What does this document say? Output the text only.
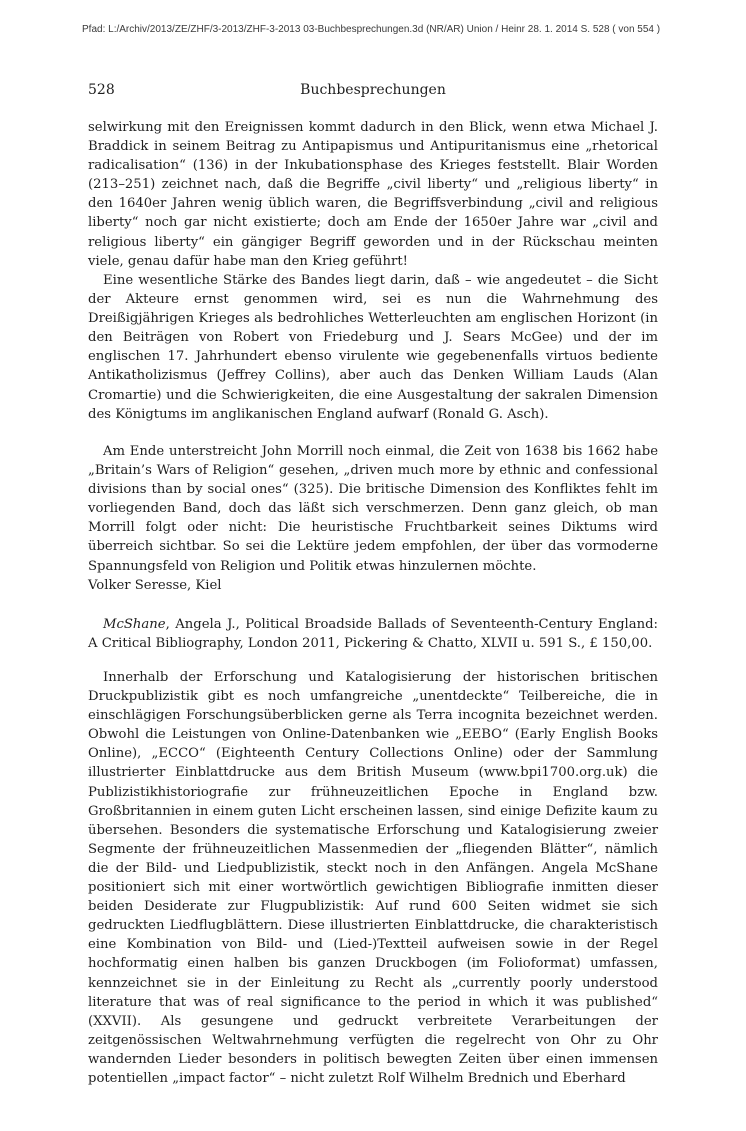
Pfad: L:/Archiv/2013/ZE/ZHF/3-2013/ZHF-3-2013 03-Buchbesprechungen.3d (NR/AR) Union / Heinr 28. 1. 2014 S. 528 ( von 554 )
Buchbesprechungen
528

selwirkung mit den Ereignissen kommt dadurch in den Blick, wenn etwa Michael J. Braddick in seinem Beitrag zu Antipapismus und Antipuritanismus eine „rhetorical radicalisation“ (136) in der Inkubationsphase des Krieges feststellt. Blair Worden (213–251) zeichnet nach, daß die Begriffe „civil liberty“ und „religious liberty“ in den 1640er Jahren wenig üblich waren, die Begriffsverbindung „civil and religious liberty“ noch gar nicht existierte; doch am Ende der 1650er Jahre war „civil and religious liberty“ ein gängiger Begriff geworden und in der Rückschau meinten viele, genau dafür habe man den Krieg geführt!

Eine wesentliche Stärke des Bandes liegt darin, daß – wie angedeutet – die Sicht der Akteure ernst genommen wird, sei es nun die Wahrnehmung des Dreißigjährigen Krieges als bedrohliches Wetterleuchten am englischen Horizont (in den Beiträgen von Robert von Friedeburg und J. Sears McGee) und der im englischen 17. Jahrhundert ebenso virulente wie gegebenenfalls virtuos bediente Antikatholizismus (Jeffrey Collins), aber auch das Denken William Lauds (Alan Cromartie) und die Schwierigkeiten, die eine Ausgestaltung der sakralen Dimension des Königtums im anglikanischen England aufwarf (Ronald G. Asch).

Am Ende unterstreicht John Morrill noch einmal, die Zeit von 1638 bis 1662 habe „Britain’s Wars of Religion“ gesehen, „driven much more by ethnic and confessional divisions than by social ones“ (325). Die britische Dimension des Konfliktes fehlt im vorliegenden Band, doch das läßt sich verschmerzen. Denn ganz gleich, ob man Morrill folgt oder nicht: Die heuristische Fruchtbarkeit seines Diktums wird überreich sichtbar. So sei die Lektüre jedem empfohlen, der über das vormoderne Spannungsfeld von Religion und Politik etwas hinzulernen möchte.

Volker Seresse, Kiel

McShane, Angela J., Political Broadside Ballads of Seventeenth-Century England: A Critical Bibliography, London 2011, Pickering & Chatto, XLVII u. 591 S., £ 150,00.

Innerhalb der Erforschung und Katalogisierung der historischen britischen Druckpublizistik gibt es noch umfangreiche „unentdeckte“ Teilbereiche, die in einschlägigen Forschungsüberblicken gerne als Terra incognita bezeichnet werden. Obwohl die Leistungen von Online-Datenbanken wie „EEBO“ (Early English Books Online), „ECCO“ (Eighteenth Century Collections Online) oder der Sammlung illustrierter Einblattdrucke aus dem British Museum (www.bpi1700.org.uk) die Publizistikhistoriografie zur frühneuzeitlichen Epoche in England bzw. Großbritannien in einem guten Licht erscheinen lassen, sind einige Defizite kaum zu übersehen. Besonders die systematische Erforschung und Katalogisierung zweier Segmente der frühneuzeitlichen Massenmedien der „fliegenden Blätter“, nämlich die der Bild- und Liedpublizistik, steckt noch in den Anfängen. Angela McShane positioniert sich mit einer wortwörtlich gewichtigen Bibliografie inmitten dieser beiden Desiderate zur Flugpublizistik: Auf rund 600 Seiten widmet sie sich gedruckten Liedflugblättern. Diese illustrierten Einblattdrucke, die charakteristisch eine Kombination von Bild- und (Lied-)Textteil aufweisen sowie in der Regel hochformatig einen halben bis ganzen Druckbogen (im Folioformat) umfassen, kennzeichnet sie in der Einleitung zu Recht als „currently poorly understood literature that was of real significance to the period in which it was published“ (XXVII). Als gesungene und gedruckt verbreitete Verarbeitungen der zeitgenössischen Weltwahrnehmung verfügten die regelrecht von Ohr zu Ohr wandernden Lieder besonders in politisch bewegten Zeiten über einen immensen potentiellen „impact factor“ – nicht zuletzt Rolf Wilhelm Brednich und Eberhard
